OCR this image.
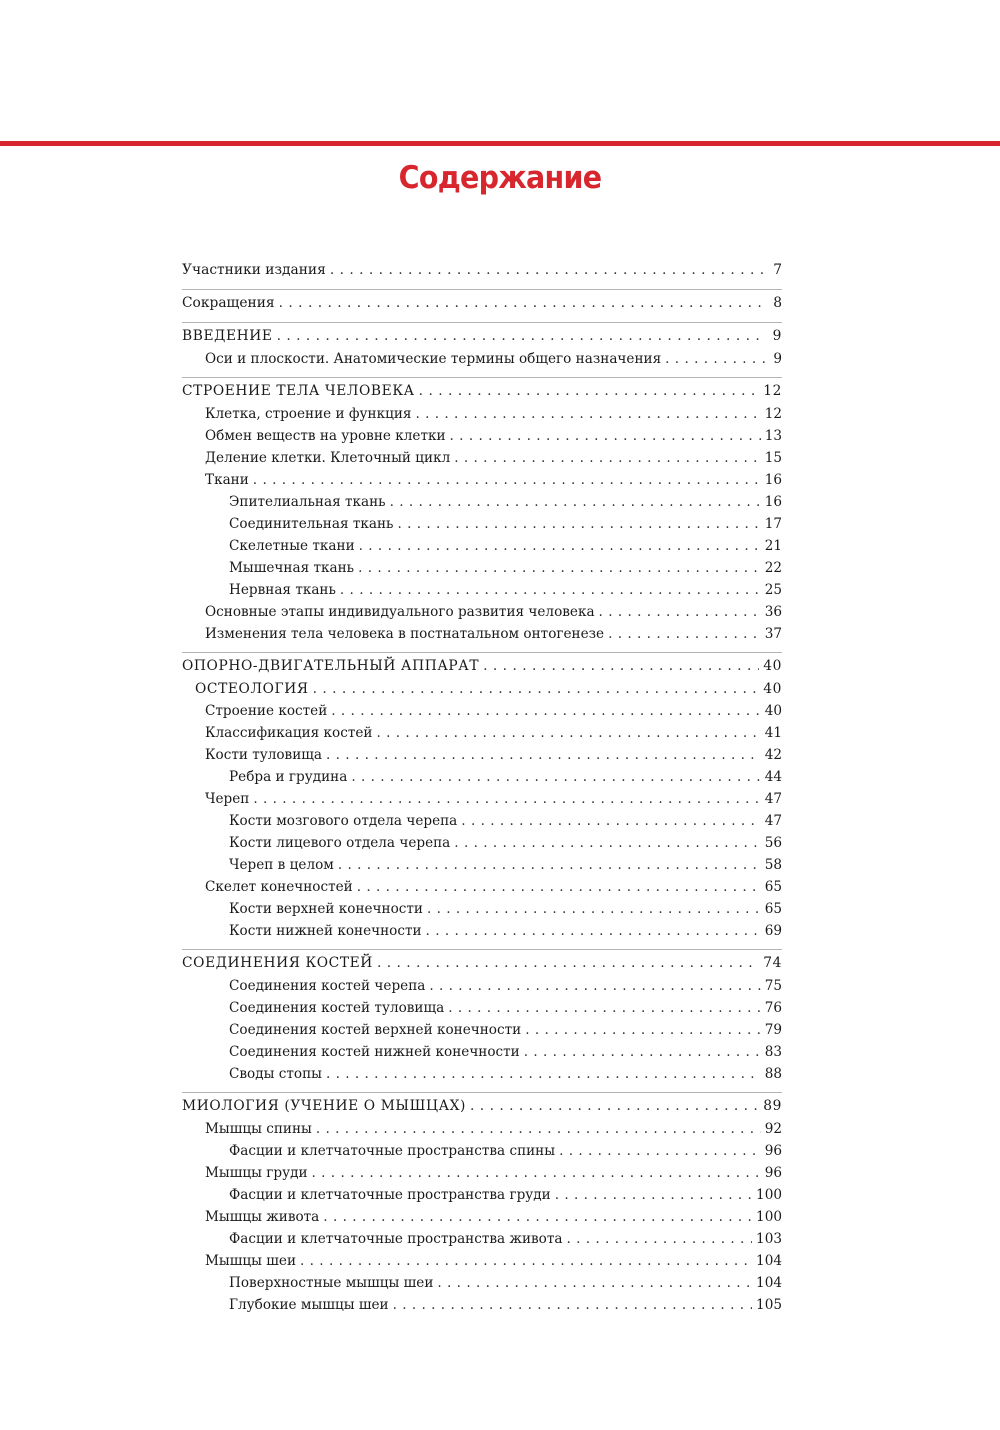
Содержание
Участники издания . . .	7
Сокращения . . .	8
ВВЕДЕНИЕ . . .	9
Оси и плоскости. Анатомические термины общего назначения . . .	9
СТРОЕНИЕ ТЕЛА ЧЕЛОВЕКА . . .	12
Клетка, строение и функция . . .	12
Обмен веществ на уровне клетки . . .	13
Деление клетки. Клеточный цикл . . .	15
Ткани . . .	16
Эпителиальная ткань . . .	16
Соединительная ткань . . .	17
Скелетные ткани . . .	21
Мышечная ткань . . .	22
Нервная ткань . . .	25
Основные этапы индивидуального развития человека . . .	36
Изменения тела человека в постнатальном онтогенезе . . .	37
ОПОРНО-ДВИГАТЕЛЬНЫЙ АППАРАТ . . .	40
ОСТЕОЛОГИЯ . . .	40
Строение костей . . .	40
Классификация костей . . .	41
Кости туловища . . .	42
Ребра и грудина . . .	44
Череп . . .	47
Кости мозгового отдела черепа . . .	47
Кости лицевого отдела черепа . . .	56
Череп в целом . . .	58
Скелет конечностей . . .	65
Кости верхней конечности . . .	65
Кости нижней конечности . . .	69
СОЕДИНЕНИЯ КОСТЕЙ . . .	74
Соединения костей черепа . . .	75
Соединения костей туловища . . .	76
Соединения костей верхней конечности . . .	79
Соединения костей нижней конечности . . .	83
Своды стопы . . .	88
МИОЛОГИЯ (УЧЕНИЕ О МЫШЦАХ) . . .	89
Мышцы спины . . .	92
Фасции и клетчаточные пространства спины . . .	96
Мышцы груди . . .	96
Фасции и клетчаточные пространства груди . . .	100
Мышцы живота . . .	100
Фасции и клетчаточные пространства живота . . .	103
Мышцы шеи . . .	104
Поверхностные мышцы шеи . . .	104
Глубокие мышцы шеи . . .	105
